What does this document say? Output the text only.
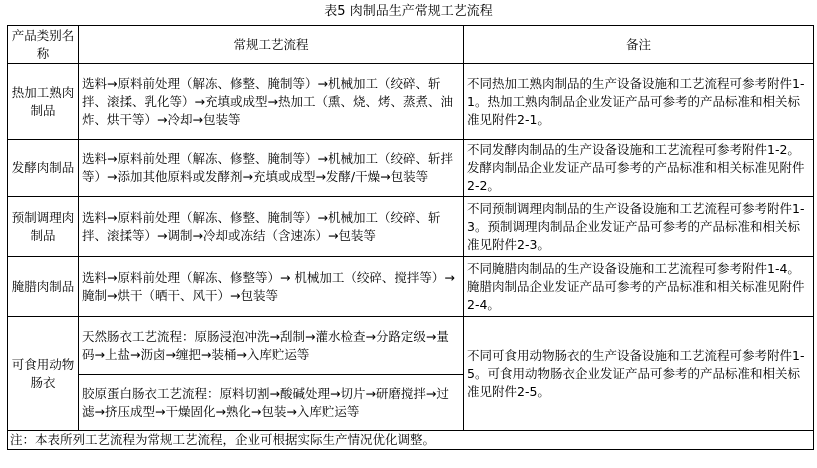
表5 肉制品生产常规工艺流程
产品类别名称	常规工艺流程	备注
热加工熟肉制品	选料→原料前处理（解冻、修整、腌制等）→机械加工（绞碎、斩拌、滚揉、乳化等）→充填或成型→热加工（熏、烧、烤、蒸煮、油炸、烘干等）→冷却→包装等	不同热加工熟肉制品的生产设备设施和工艺流程可参考附件1-1。热加工熟肉制品企业发证产品可参考的产品标准和相关标准见附件2-1。
发酵肉制品	选料→原料前处理（解冻、修整、腌制等）→机械加工（绞碎、斩拌等）→添加其他原料或发酵剂→充填或成型→发酵/干燥→包装等	不同发酵肉制品的生产设备设施和工艺流程可参考附件1-2。发酵肉制品企业发证产品可参考的产品标准和相关标准见附件2-2。
预制调理肉制品	选料→原料前处理（解冻、修整、腌制等）→机械加工（绞碎、斩拌、滚揉等）→调制→冷却或冻结（含速冻）→包装等	不同预制调理肉制品的生产设备设施和工艺流程可参考附件1-3。预制调理肉制品企业发证产品可参考的产品标准和相关标准见附件2-3。
腌腊肉制品	选料→原料前处理（解冻、修整等）→ 机械加工（绞碎、搅拌等）→腌制→烘干（晒干、风干）→包装等	不同腌腊肉制品的生产设备设施和工艺流程可参考附件1-4。腌腊肉制品企业发证产品可参考的产品标准和相关标准见附件2-4。
可食用动物肠衣	天然肠衣工艺流程：原肠浸泡冲洗→刮制→灌水检查→分路定级→量码→上盐→沥卤→缠把→装桶→入库贮运等	不同可食用动物肠衣的生产设备设施和工艺流程可参考附件1-5。可食用动物肠衣企业发证产品可参考的产品标准和相关标准见附件2-5。
	胶原蛋白肠衣工艺流程：原料切割→酸碱处理→切片→研磨搅拌→过滤→挤压成型→干燥固化→熟化→包装→入库贮运等	
注：本表所列工艺流程为常规工艺流程，企业可根据实际生产情况优化调整。		
